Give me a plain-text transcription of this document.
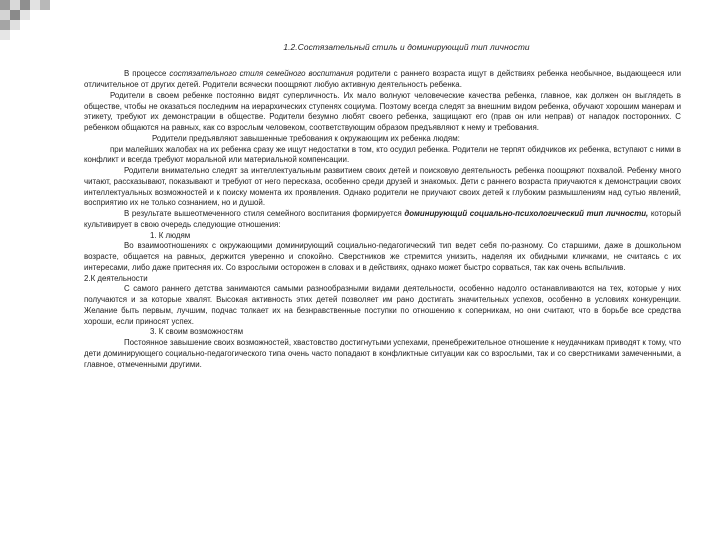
1.2.Состязательный стиль и доминирующий тип личности

В процессе состязательного стиля семейного воспитания родители с раннего возраста ищут в действиях ребенка необычное, выдающееся или отличительное от других детей. Родители всячески поощряют любую активную деятельность ребенка.

Родители в своем ребенке постоянно видят суперличность. Их мало волнуют человеческие качества ребенка, главное, как должен он выглядеть в обществе, чтобы не оказаться последним на иерархических ступенях социума. Поэтому всегда следят за внешним видом ребенка, обучают хорошим манерам и этикету, требуют их демонстрации в обществе. Родители безумно любят своего ребенка, защищают его (прав он или неправ) от нападок посторонних. С ребенком общаются на равных, как со взрослым человеком, соответствующим образом предъявляют к нему и требования.

Родители предъявляют завышенные требования к окружающим их ребенка людям:

при малейших жалобах на их ребенка сразу же ищут недостатки в том, кто осудил ребенка. Родители не терпят обидчиков их ребенка, вступают с ними в конфликт и всегда требуют моральной или материальной компенсации.

Родители внимательно следят за интеллектуальным развитием своих детей и поисковую деятельность ребенка поощряют похвалой. Ребенку много читают, рассказывают, показывают и требуют от него пересказа, особенно среди друзей и знакомых. Дети с раннего возраста приучаются к демонстрации своих интеллектуальных возможностей и к поиску момента их проявления. Однако родители не приучают своих детей к глубоким размышлениям над сутью явлений, восприятию их не только сознанием, но и душой.

В результате вышеотмеченного стиля семейного воспитания формируется доминирующий социально-психологический тип личности, который культивирует в свою очередь следующие отношения:

1. К людям

Во взаимоотношениях с окружающими доминирующий социально-педагогический тип ведет себя по-разному. Со старшими, даже в дошкольном возрасте, общается на равных, держится уверенно и спокойно. Сверстников же стремится унизить, наделяя их обидными кличками, не считаясь с их интересами, либо даже притесняя их. Со взрослыми осторожен в словах и в действиях, однако может быстро сорваться, так как очень вспыльчив.

2.К деятельности

С самого раннего детства занимаются самыми разнообразными видами деятельности, особенно надолго останавливаются на тех, которые у них получаются и за которые хвалят. Высокая активность этих детей позволяет им рано достигать значительных успехов, особенно в условиях конкуренции. Желание быть первым, лучшим, подчас толкает их на безнравственные поступки по отношению к соперникам, но они считают, что в борьбе все средства хороши, если приносят успех.

3. К своим возможностям

Постоянное завышение своих возможностей, хвастовство достигнутыми успехами, пренебрежительное отношение к неудачникам приводят к тому, что дети доминирующего социально-педагогического типа очень часто попадают в конфликтные ситуации как со взрослыми, так и со сверстниками замеченными, а главное, отмеченными другими.
